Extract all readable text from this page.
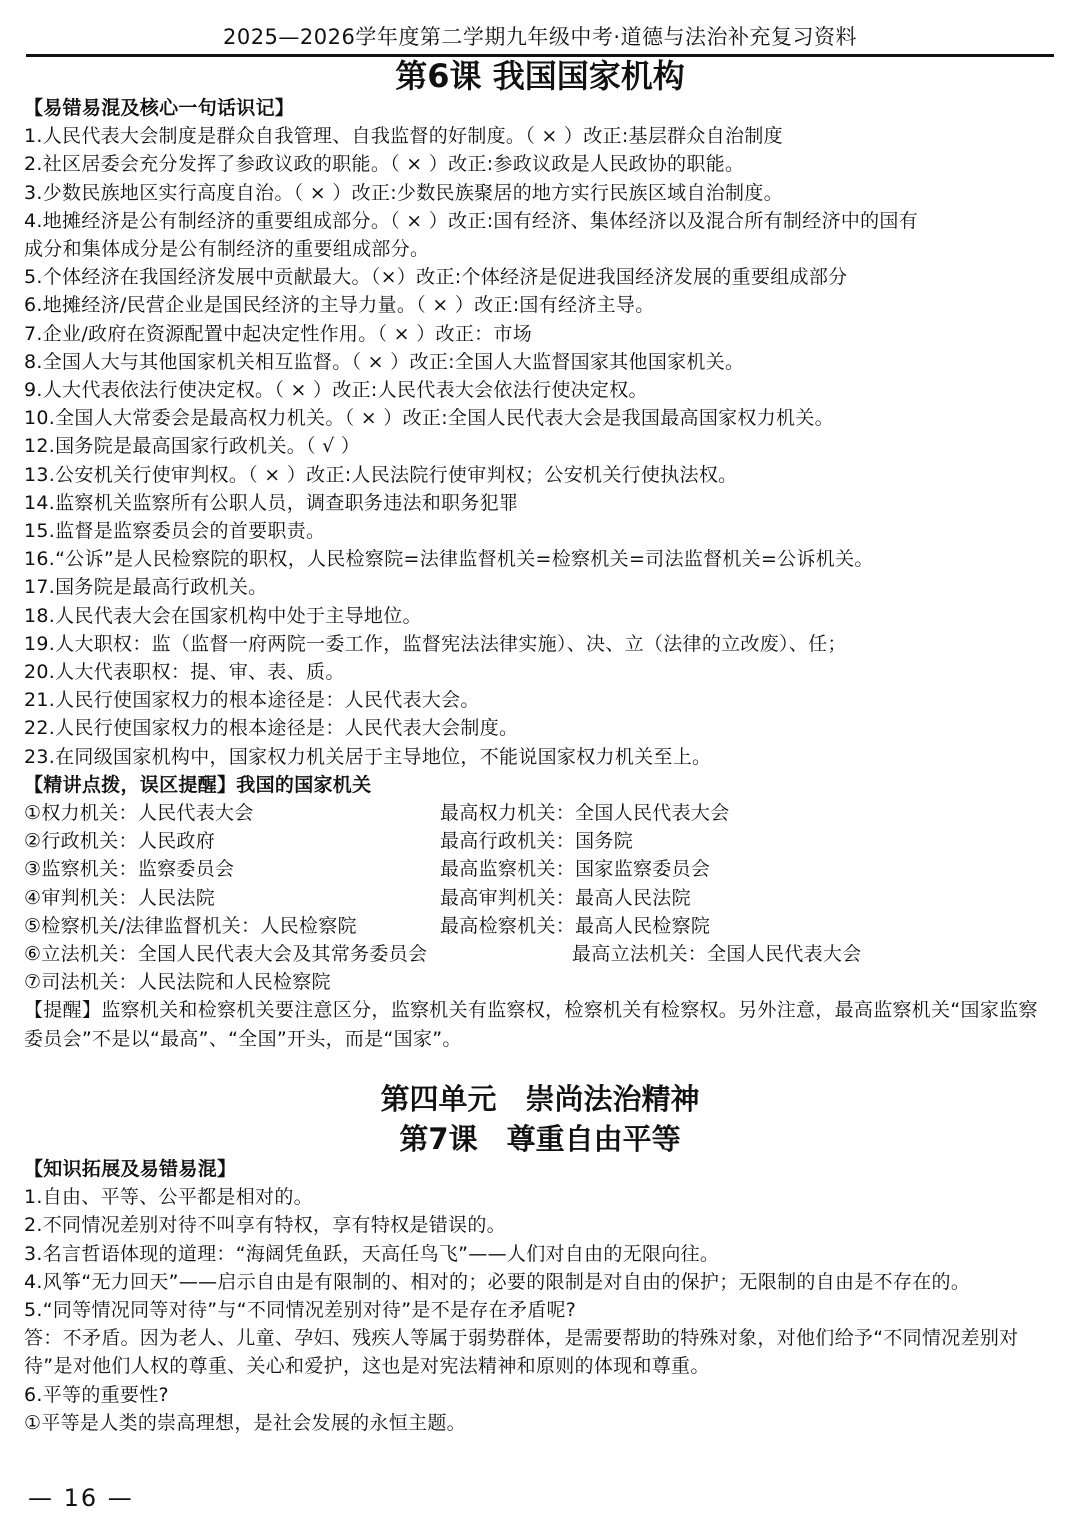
2025—2026学年度第二学期九年级中考·道德与法治补充复习资料
第6课 我国国家机构
【易错易混及核心一句话识记】
1.人民代表大会制度是群众自我管理、自我监督的好制度。（ × ）改正:基层群众自治制度
2.社区居委会充分发挥了参政议政的职能。（ × ）改正:参政议政是人民政协的职能。
3.少数民族地区实行高度自治。（ × ）改正:少数民族聚居的地方实行民族区域自治制度。
4.地摊经济是公有制经济的重要组成部分。（ × ）改正:国有经济、集体经济以及混合所有制经济中的国有
成分和集体成分是公有制经济的重要组成部分。
5.个体经济在我国经济发展中贡献最大。（×）改正:个体经济是促进我国经济发展的重要组成部分
6.地摊经济/民营企业是国民经济的主导力量。（ × ）改正:国有经济主导。
7.企业/政府在资源配置中起决定性作用。（ × ）改正：市场
8.全国人大与其他国家机关相互监督。（ × ）改正:全国人大监督国家其他国家机关。
9.人大代表依法行使决定权。（ × ）改正:人民代表大会依法行使决定权。
10.全国人大常委会是最高权力机关。（ × ）改正:全国人民代表大会是我国最高国家权力机关。
12.国务院是最高国家行政机关。（ √ ）
13.公安机关行使审判权。（ × ）改正:人民法院行使审判权；公安机关行使执法权。
14.监察机关监察所有公职人员，调查职务违法和职务犯罪
15.监督是监察委员会的首要职责。
16.“公诉”是人民检察院的职权，人民检察院=法律监督机关=检察机关=司法监督机关=公诉机关。
17.国务院是最高行政机关。
18.人民代表大会在国家机构中处于主导地位。
19.人大职权：监（监督一府两院一委工作，监督宪法法律实施）、决、立（法律的立改废）、任；
20.人大代表职权：提、审、表、质。
21.人民行使国家权力的根本途径是：人民代表大会。
22.人民行使国家权力的根本途径是：人民代表大会制度。
23.在同级国家机构中，国家权力机关居于主导地位，不能说国家权力机关至上。
【精讲点拨，误区提醒】我国的国家机关
①权力机关：人民代表大会	最高权力机关：全国人民代表大会
②行政机关：人民政府	最高行政机关：国务院
③监察机关：监察委员会	最高监察机关：国家监察委员会
④审判机关：人民法院	最高审判机关：最高人民法院
⑤检察机关/法律监督机关：人民检察院	最高检察机关：最高人民检察院
⑥立法机关：全国人民代表大会及其常务委员会	最高立法机关：全国人民代表大会
⑦司法机关：人民法院和人民检察院
【提醒】监察机关和检察机关要注意区分，监察机关有监察权，检察机关有检察权。另外注意，最高监察机关“国家监察委员会”不是以“最高”、“全国”开头，而是“国家”。
第四单元　崇尚法治精神
第7课　尊重自由平等
【知识拓展及易错易混】
1.自由、平等、公平都是相对的。
2.不同情况差别对待不叫享有特权，享有特权是错误的。
3.名言哲语体现的道理：“海阔凭鱼跃，天高任鸟飞”——人们对自由的无限向往。
4.风筝“无力回天”——启示自由是有限制的、相对的；必要的限制是对自由的保护；无限制的自由是不存在的。
5.“同等情况同等对待”与“不同情况差别对待”是不是存在矛盾呢?
答：不矛盾。因为老人、儿童、孕妇、残疾人等属于弱势群体，是需要帮助的特殊对象，对他们给予“不同情况差别对待”是对他们人权的尊重、关心和爱护，这也是对宪法精神和原则的体现和尊重。
6.平等的重要性?
①平等是人类的崇高理想，是社会发展的永恒主题。
— 16 —
